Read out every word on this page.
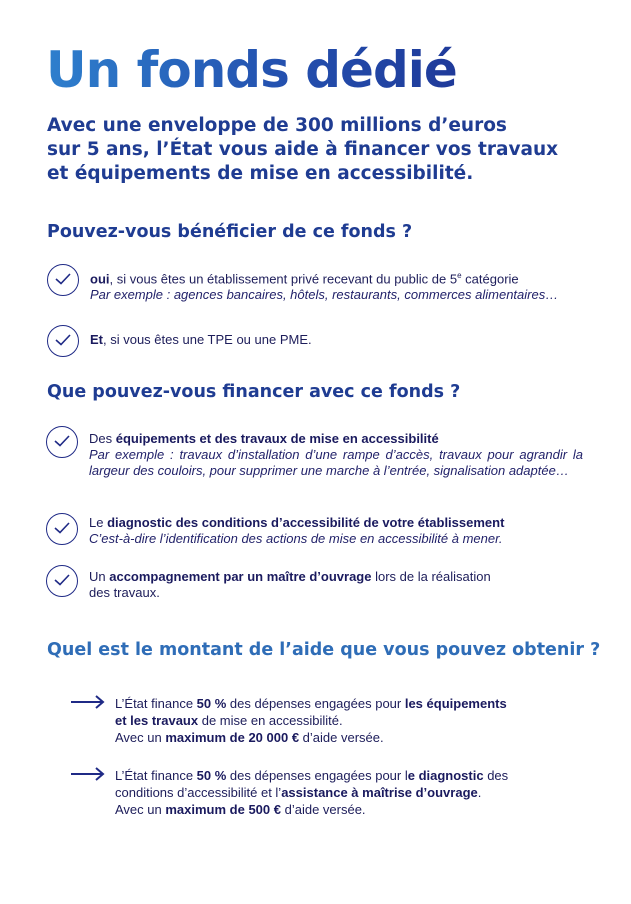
Un fonds dédié
Avec une enveloppe de 300 millions d’euros
sur 5 ans, l’État vous aide à financer vos travaux
et équipements de mise en accessibilité.
Pouvez-vous bénéficier de ce fonds ?
oui, si vous êtes un établissement privé recevant du public de 5e catégorie
Par exemple : agences bancaires, hôtels, restaurants, commerces alimentaires…
Et, si vous êtes une TPE ou une PME.
Que pouvez-vous financer avec ce fonds ?
Des équipements et des travaux de mise en accessibilité
Par exemple : travaux d’installation d’une rampe d’accès, travaux pour agrandir la largeur des couloirs, pour supprimer une marche à l’entrée, signalisation adaptée…
Le diagnostic des conditions d’accessibilité de votre établissement
C’est-à-dire l’identification des actions de mise en accessibilité à mener.
Un accompagnement par un maître d’ouvrage lors de la réalisation
des travaux.
Quel est le montant de l’aide que vous pouvez obtenir ?
L’État finance 50 % des dépenses engagées pour les équipements
et les travaux de mise en accessibilité.
Avec un maximum de 20 000 € d’aide versée.
L’État finance 50 % des dépenses engagées pour le diagnostic des
conditions d’accessibilité et l’assistance à maîtrise d’ouvrage.
Avec un maximum de 500 € d’aide versée.
